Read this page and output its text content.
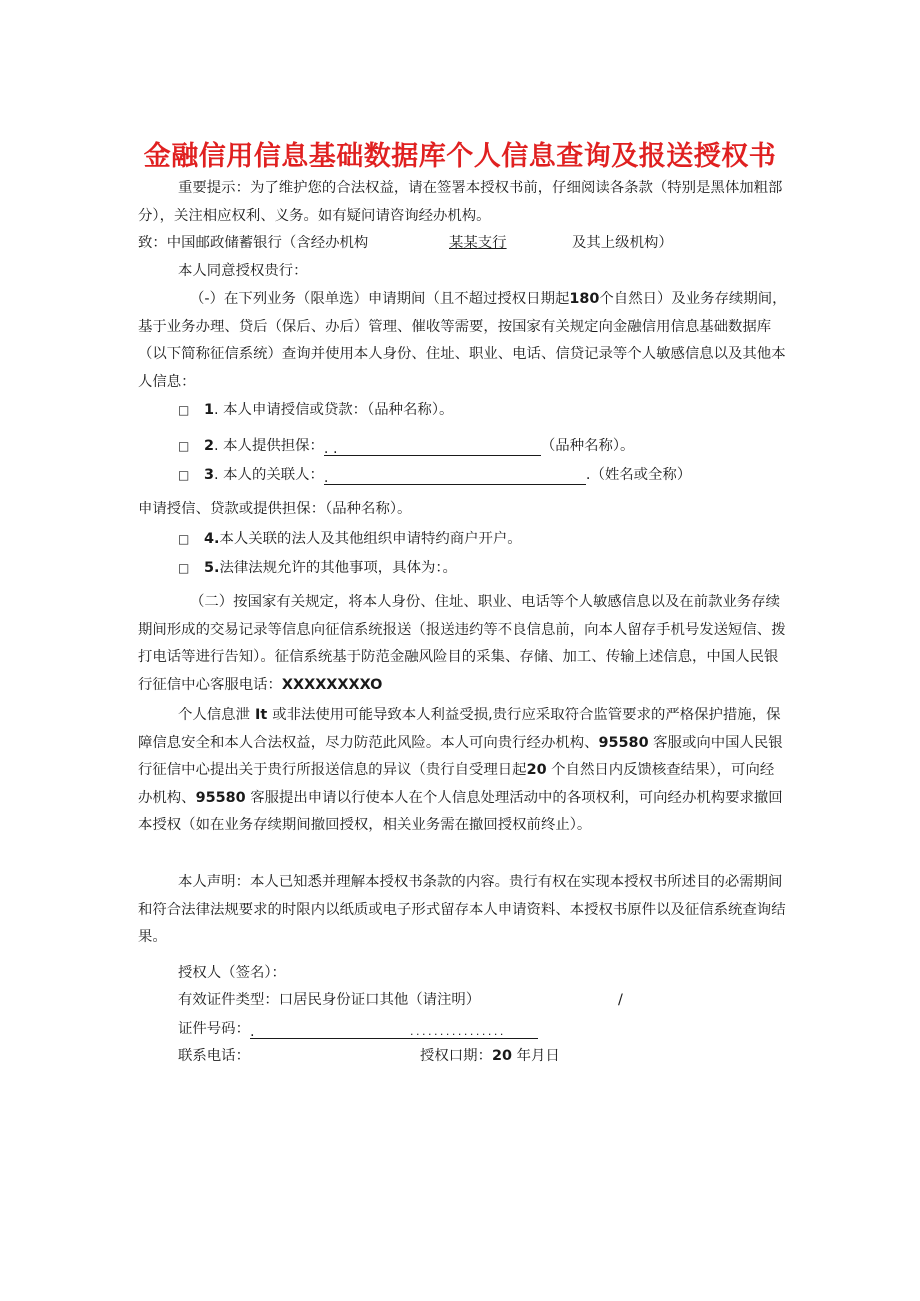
金融信用信息基础数据库个人信息查询及报送授权书
重要提示：为了维护您的合法权益，请在签署本授权书前，仔细阅读各条款（特别是黑体加粗部分），关注相应权利、义务。如有疑问请咨询经办机构。
致：中国邮政储蓄银行（含经办机构	某某支行	及其上级机构）
本人同意授权贵行：
（-）在下列业务（限单选）申请期间（且不超过授权日期起180个自然日）及业务存续期间，基于业务办理、贷后（保后、办后）管理、催收等需要，按国家有关规定向金融信用信息基础数据库（以下简称征信系统）查询并使用本人身份、住址、职业、电话、信贷记录等个人敏感信息以及其他本人信息：
□ 1. 本人申请授信或贷款：（品种名称）。
□ 2. 本人提供担保：. .	（品种名称）。
□ 3. 本人的关联人：.	.（姓名或全称）
申请授信、贷款或提供担保：（品种名称）。
□ 4.本人关联的法人及其他组织申请特约商户开户。
□ 5.法律法规允许的其他事项，具体为：。
（二）按国家有关规定，将本人身份、住址、职业、电话等个人敏感信息以及在前款业务存续期间形成的交易记录等信息向征信系统报送（报送违约等不良信息前，向本人留存手机号发送短信、拨打电话等进行告知）。征信系统基于防范金融风险目的采集、存储、加工、传输上述信息，中国人民银行征信中心客服电话：XXXXXXXXO
个人信息泄 It 或非法使用可能导致本人利益受损,贵行应采取符合监管要求的严格保护措施，保障信息安全和本人合法权益，尽力防范此风险。本人可向贵行经办机构、95580 客服或向中国人民银行征信中心提出关于贵行所报送信息的异议（贵行自受理日起20 个自然日内反馈核查结果），可向经办机构、95580 客服提出申请以行使本人在个人信息处理活动中的各项权利，可向经办机构要求撤回本授权（如在业务存续期间撤回授权，相关业务需在撤回授权前终止）。
本人声明：本人已知悉并理解本授权书条款的内容。贵行有权在实现本授权书所述目的必需期间和符合法律法规要求的时限内以纸质或电子形式留存本人申请资料、本授权书原件以及征信系统查询结果。
授权人（签名）：
有效证件类型：口居民身份证口其他（请注明）	/
证件号码：.	. . . . . . . . . . . . . . . .
联系电话：	授权口期：20 年月日
